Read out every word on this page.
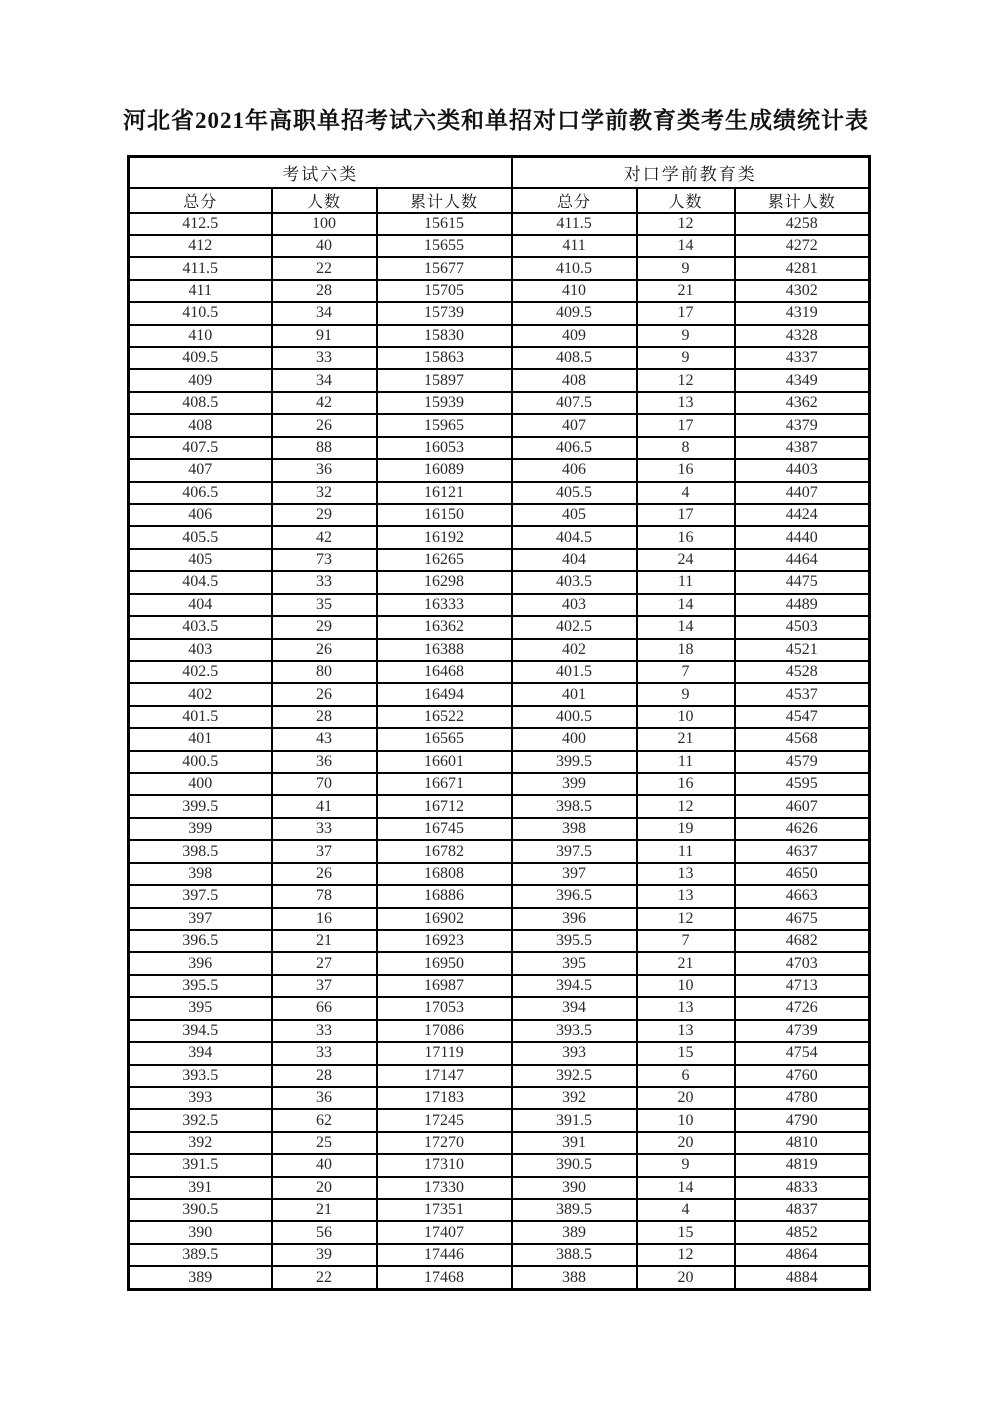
河北省2021年高职单招考试六类和单招对口学前教育类考生成绩统计表
考试六类			对口学前教育类		
总分	人数	累计人数	总分	人数	累计人数
412.5	100	15615	411.5	12	4258
412	40	15655	411	14	4272
411.5	22	15677	410.5	9	4281
411	28	15705	410	21	4302
410.5	34	15739	409.5	17	4319
410	91	15830	409	9	4328
409.5	33	15863	408.5	9	4337
409	34	15897	408	12	4349
408.5	42	15939	407.5	13	4362
408	26	15965	407	17	4379
407.5	88	16053	406.5	8	4387
407	36	16089	406	16	4403
406.5	32	16121	405.5	4	4407
406	29	16150	405	17	4424
405.5	42	16192	404.5	16	4440
405	73	16265	404	24	4464
404.5	33	16298	403.5	11	4475
404	35	16333	403	14	4489
403.5	29	16362	402.5	14	4503
403	26	16388	402	18	4521
402.5	80	16468	401.5	7	4528
402	26	16494	401	9	4537
401.5	28	16522	400.5	10	4547
401	43	16565	400	21	4568
400.5	36	16601	399.5	11	4579
400	70	16671	399	16	4595
399.5	41	16712	398.5	12	4607
399	33	16745	398	19	4626
398.5	37	16782	397.5	11	4637
398	26	16808	397	13	4650
397.5	78	16886	396.5	13	4663
397	16	16902	396	12	4675
396.5	21	16923	395.5	7	4682
396	27	16950	395	21	4703
395.5	37	16987	394.5	10	4713
395	66	17053	394	13	4726
394.5	33	17086	393.5	13	4739
394	33	17119	393	15	4754
393.5	28	17147	392.5	6	4760
393	36	17183	392	20	4780
392.5	62	17245	391.5	10	4790
392	25	17270	391	20	4810
391.5	40	17310	390.5	9	4819
391	20	17330	390	14	4833
390.5	21	17351	389.5	4	4837
390	56	17407	389	15	4852
389.5	39	17446	388.5	12	4864
389	22	17468	388	20	4884
